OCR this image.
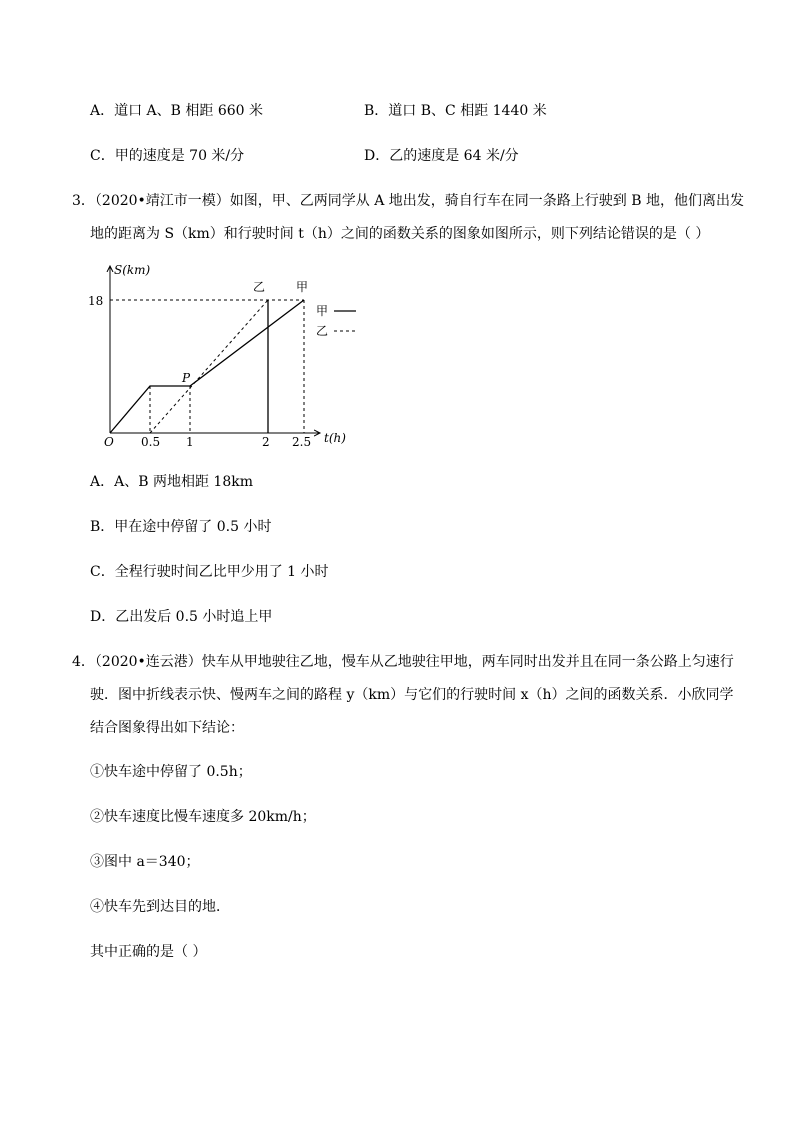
A．道口 A、B 相距 660 米	B．道口 B、C 相距 1440 米
C．甲的速度是 70 米/分	D．乙的速度是 64 米/分
3．（2020•靖江市一模）如图，甲、乙两同学从 A 地出发，骑自行车在同一条路上行驶到 B 地，他们离出发
地的距离为 S（km）和行驶时间 t（h）之间的函数关系的图象如图所示，则下列结论错误的是（ ）
S(km)
t(h)
O
18
0.5 1	2 2.5
P
乙	甲
甲
乙
A．A、B 两地相距 18km
B．甲在途中停留了 0.5 小时
C．全程行驶时间乙比甲少用了 1 小时
D．乙出发后 0.5 小时追上甲
4．（2020•连云港）快车从甲地驶往乙地，慢车从乙地驶往甲地，两车同时出发并且在同一条公路上匀速行
驶．图中折线表示快、慢两车之间的路程 y（km）与它们的行驶时间 x（h）之间的函数关系．小欣同学
结合图象得出如下结论：
①快车途中停留了 0.5h；
②快车速度比慢车速度多 20km/h；
③图中 a＝340；
④快车先到达目的地．
其中正确的是（ ）
